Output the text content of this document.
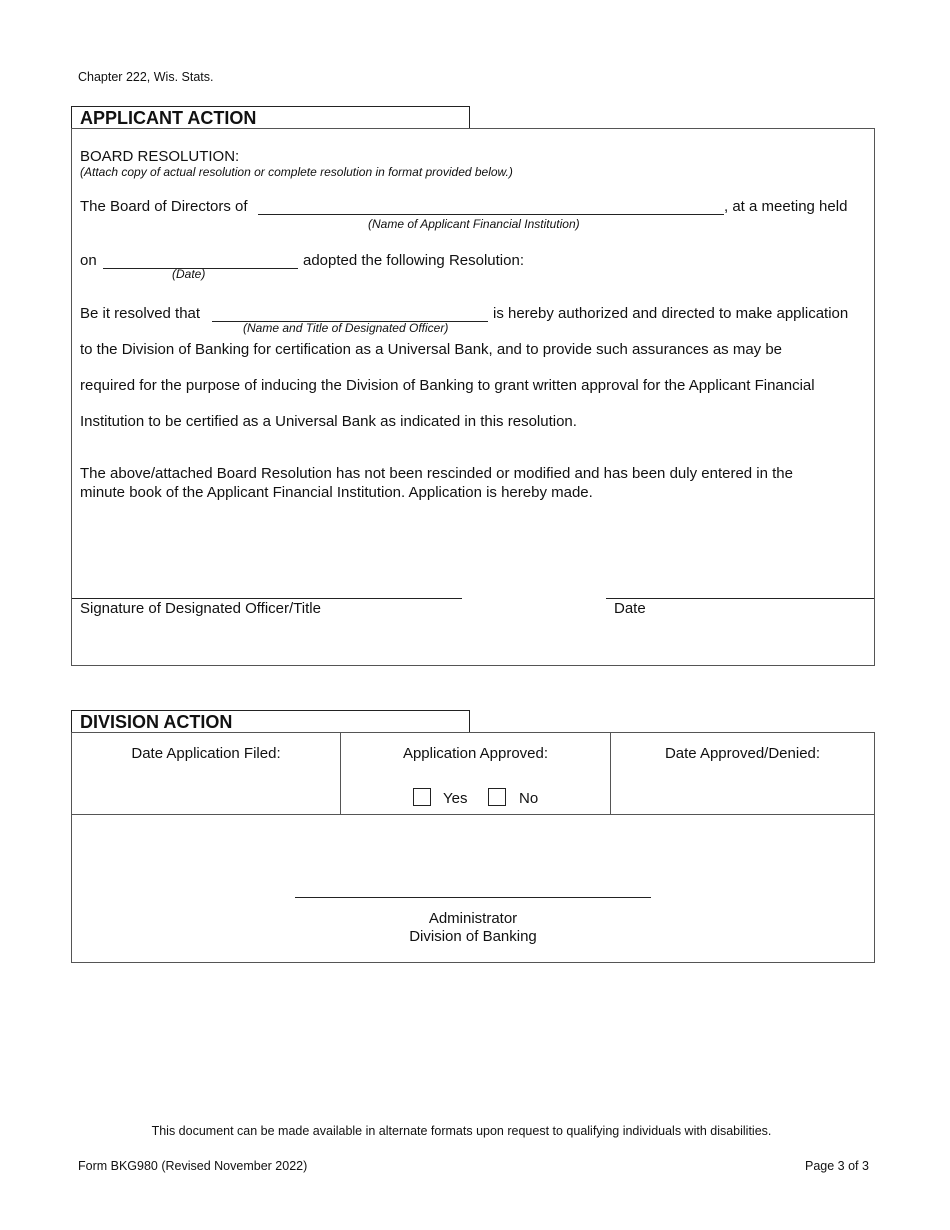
Chapter 222, Wis. Stats.
APPLICANT ACTION
BOARD RESOLUTION:
(Attach copy of actual resolution or complete resolution in format provided below.)
The Board of Directors of	, at a meeting held
(Name of Applicant Financial Institution)
on
(Date)
adopted the following Resolution:
Be it resolved that
(Name and Title of Designated Officer)
is hereby authorized and directed to make application
to the Division of Banking for certification as a Universal Bank, and to provide such assurances as may be
required for the purpose of inducing the Division of Banking to grant written approval for the Applicant Financial
Institution to be certified as a Universal Bank as indicated in this resolution.
The above/attached Board Resolution has not been rescinded or modified and has been duly entered in the
minute book of the Applicant Financial Institution. Application is hereby made.
Signature of Designated Officer/Title	Date
DIVISION ACTION
Date Application Filed:	Application Approved:	Date Approved/Denied:
Yes	No
Administrator
Division of Banking
This document can be made available in alternate formats upon request to qualifying individuals with disabilities.
Form BKG980 (Revised November 2022)	Page 3 of 3
